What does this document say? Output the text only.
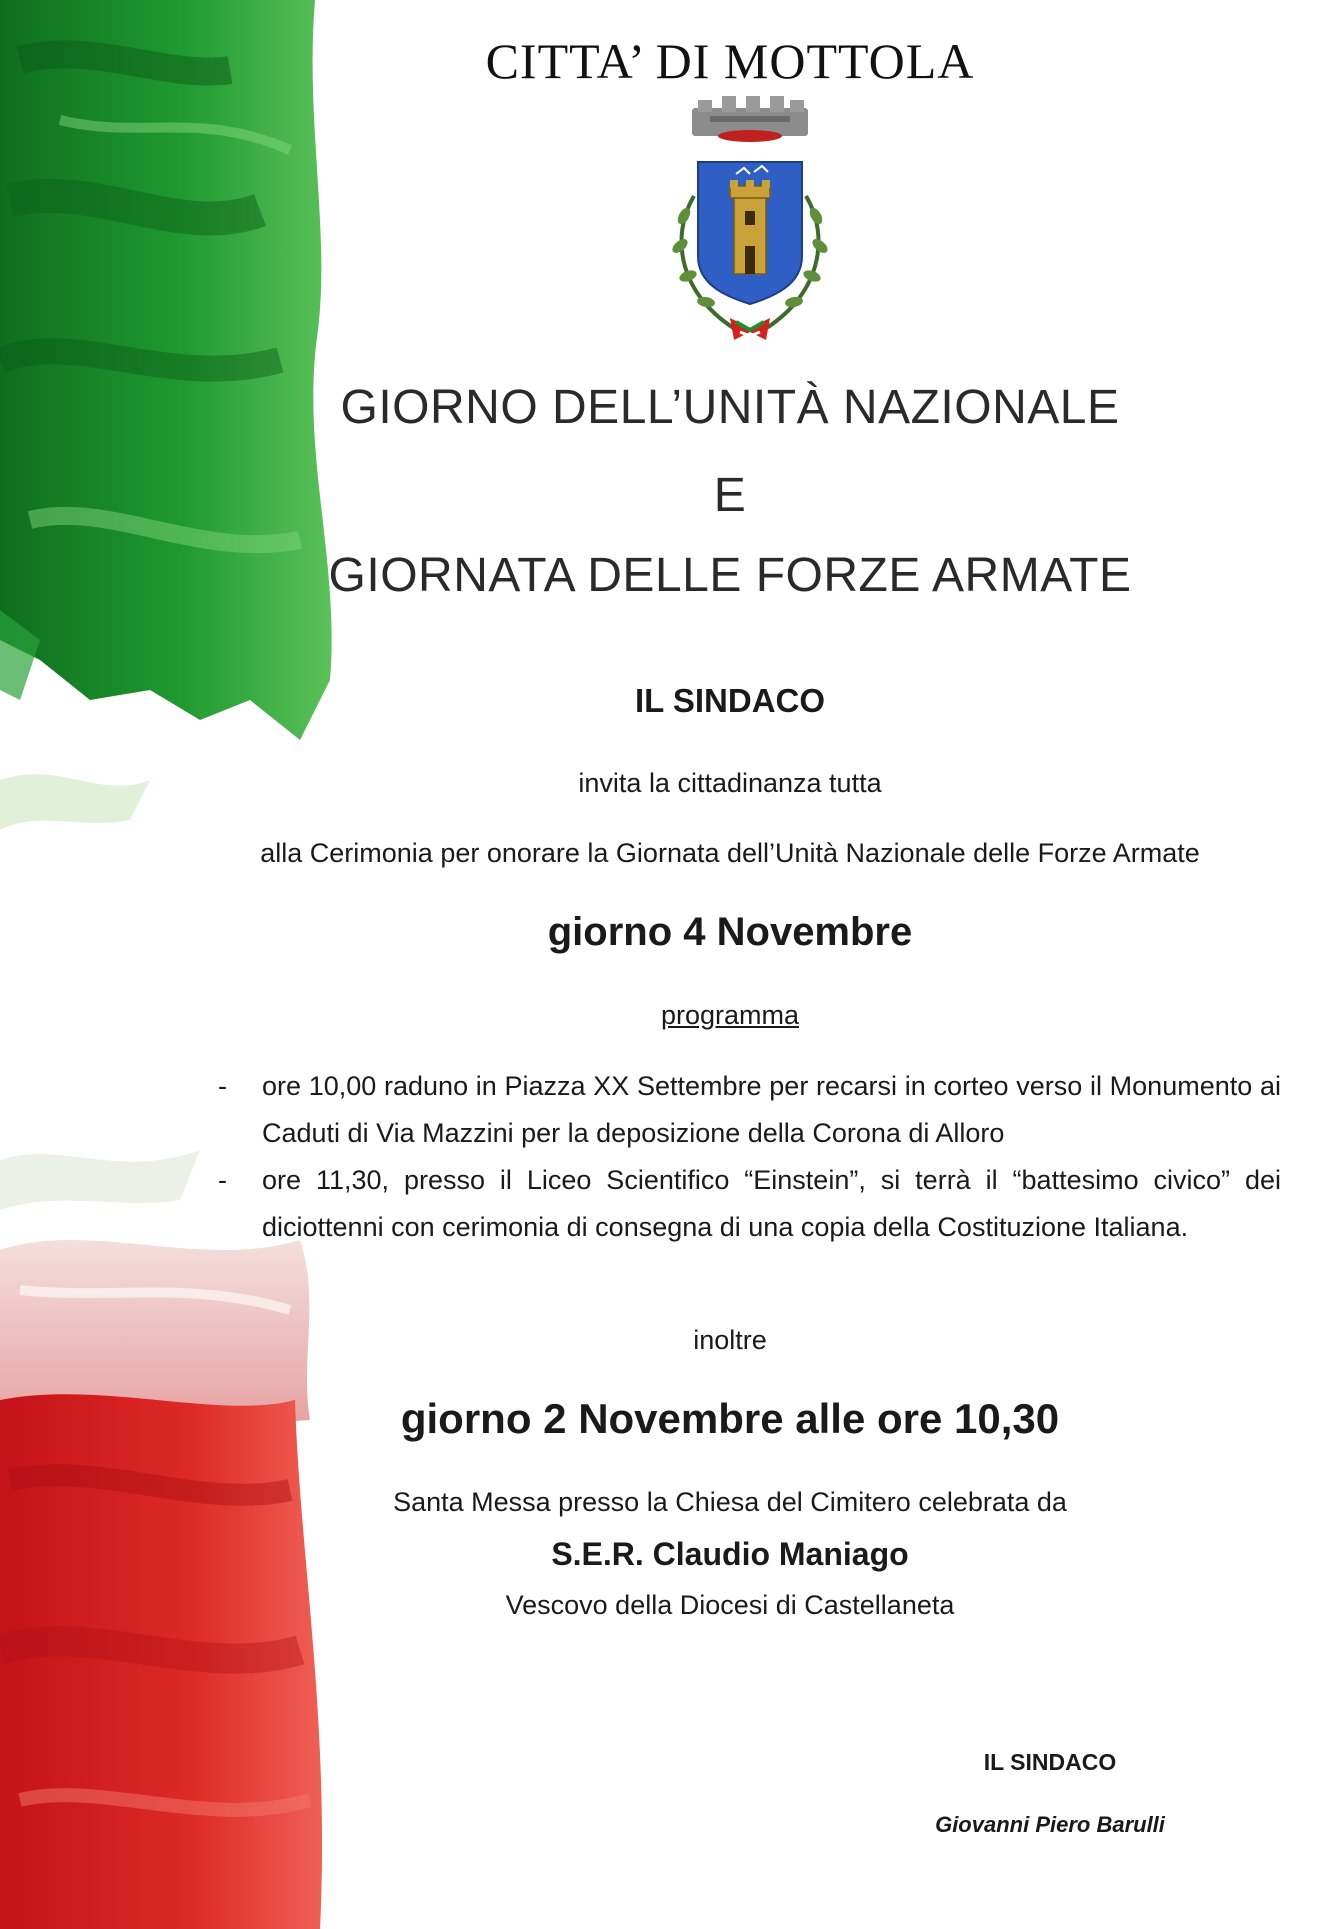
CITTA’ DI MOTTOLA
GIORNO DELL’UNITÀ NAZIONALE
E
GIORNATA DELLE FORZE ARMATE
IL SINDACO
invita la cittadinanza tutta
alla Cerimonia per onorare la Giornata dell’Unità Nazionale delle Forze Armate
giorno 4 Novembre
programma
- ore 10,00 raduno in Piazza XX Settembre per recarsi in corteo verso il Monumento ai Caduti di Via Mazzini per la deposizione della Corona di Alloro
- ore 11,30, presso il Liceo Scientifico “Einstein”, si terrà il “battesimo civico” dei diciottenni con cerimonia di consegna di una copia della Costituzione Italiana.
inoltre
giorno 2 Novembre alle ore 10,30
Santa Messa presso la Chiesa del Cimitero celebrata da
S.E.R. Claudio Maniago
Vescovo della Diocesi di Castellaneta
IL SINDACO
Giovanni Piero Barulli
